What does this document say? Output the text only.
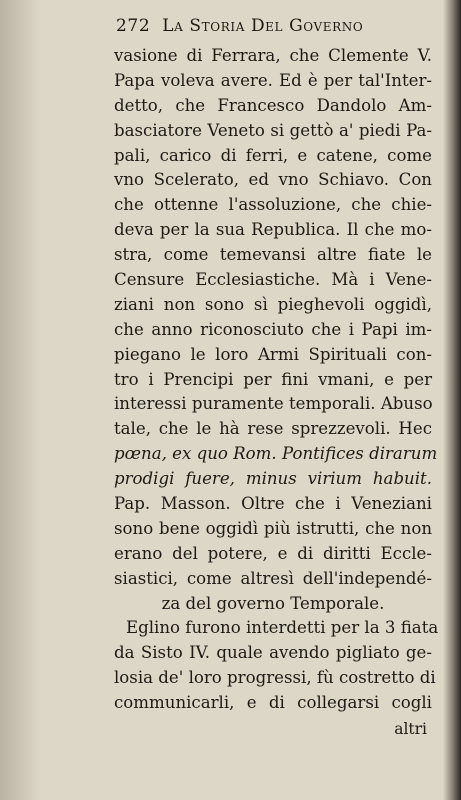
272 La Storia Del Governo
vasione di Ferrara, che Clemente V.
Papa voleva avere. Ed è per tal'Inter-
detto, che Francesco Dandolo Am-
basciatore Veneto si gettò a' piedi Pa-
pali, carico di ferri, e catene, come
vno Scelerato, ed vno Schiavo. Con
che ottenne l'assoluzione, che chie-
deva per la sua Republica. Il che mo-
stra, come temevansi altre fiate le
Censure Ecclesiastiche. Mà i Vene-
ziani non sono sì pieghevoli oggidì,
che anno riconosciuto che i Papi im-
piegano le loro Armi Spirituali con-
tro i Prencipi per fini vmani, e per
interessi puramente temporali. Abuso
tale, che le hà rese sprezzevoli. Hec
pœna, ex quo Rom. Pontifices dirarum
prodigi fuere, minus virium habuit.
Pap. Masson. Oltre che i Veneziani
sono bene oggidì più istrutti, che non
erano del potere, e di diritti Eccle-
siastici, come altresì dell'independé-
za del governo Temporale.
Eglino furono interdetti per la 3 fiata
da Sisto IV. quale avendo pigliato ge-
losia de' loro progressi, fù costretto di
communicarli, e di collegarsi cogli
altri
